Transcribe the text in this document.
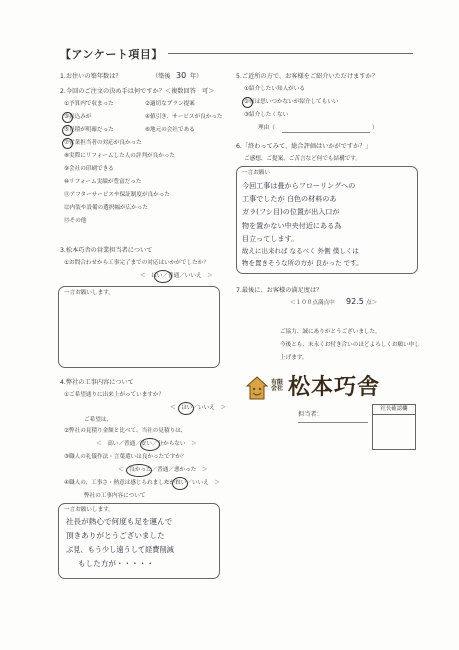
【アンケート項目】
1.お住いの築年数は？	（築後 30 年）
2.今回のご注文の決め手は何ですか？＜複数回答　可＞
①予算内で収まった	②適切なプラン提案
③振込みが	④値引き、サービスが良かった
⑤見積が明確だった	⑥地元の会社である
⑦営業担当者の対応が良かった
⑧実際にリフォームした人の評判が良かった
⑨会社の印刷できる
⑩リフォーム実績が豊富だった
⑪アフターサービスや保証制度が良かった
⑫内装や設備の選択幅が広かった
⑬その他
3.松本巧舎の営業担当者について
①お問合わせから工事完了までの対応はいかがでしたか？
＜　はい／普通／いいえ　＞
一言お願いします。
4.弊社の工事内容について
①ご希望通りに出来上がっていますか？
＜　はい／いいえ　＞
ご希望は、
②弊社の見積り金額と比べて、当社の見積りは、
＜　高い／普通／安い／分からない　＞
③職人の礼儀作法・言葉遣いは良かったですか？
＜　良かった／普通／悪かった　＞
④職人の、工事さ・熱意は感じられましたか？
＜　はい／いいえ　＞
弊社の工事内容について
一言お願いします。
社長が熱心で何度も足を運んで
頂きありがとうございました
ぶ見、もう少し遠うして経費削減
もした方が・・・・・
5.ご近所の方で、お客様をご紹介いただけますか？
①紹介したい知人がいる
②何は思いつかないが紹介してもいい
③紹介したくない
理由（	）
6.「終わってみて、総合評価はいかがですか？」
ご感想、ご提案、ご苦言など何でも結構です。
一言お願い
今回工事は畳からフローリングへの
工事でしたが 白色の材料のあ
ガラ(フシ目)の位置が出入口が
物を置かない中央付近にある為
目立ってします。
故えに出来れば なるべく 外側 僕しくは
物を置きそうな所の方が 良かった です。
7.最後に、お客様の満足度は？
＜１００点満点中 92.5 点＞
ご協力、誠にありがとうございました。
今後とも、末永くお付き合いのほどよろしくお願い申し
上げます。
有限会社 松本巧舎
担当者：
社長確認欄
